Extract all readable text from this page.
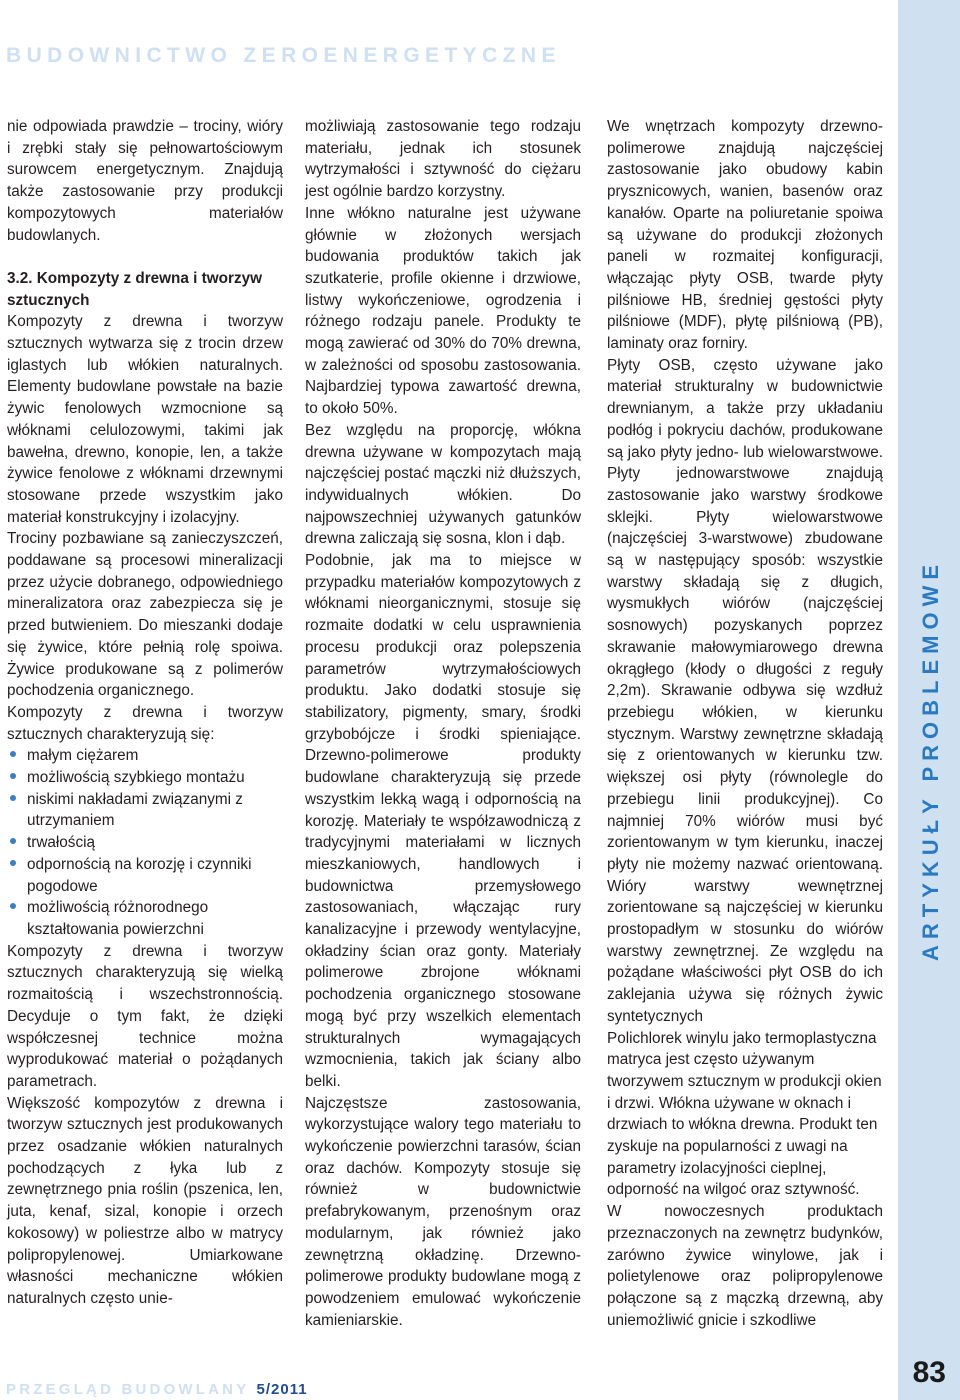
BUDOWNICTWO ZEROENERGETYCZNE

nie odpowiada prawdzie – trociny, wióry i zrębki stały się pełnowartościowym surowcem energetycznym. Znajdują także zastosowanie przy produkcji kompozytowych materiałów budowlanych.

3.2. Kompozyty z drewna i tworzyw sztucznych

Kompozyty z drewna i tworzyw sztucznych wytwarza się z trocin drzew iglastych lub włókien naturalnych. Elementy budowlane powstałe na bazie żywic fenolowych wzmocnione są włóknami celulozowymi, takimi jak bawełna, drewno, konopie, len, a także żywice fenolowe z włóknami drzewnymi stosowane przede wszystkim jako materiał konstrukcyjny i izolacyjny.

Trociny pozbawiane są zanieczyszczeń, poddawane są procesowi mineralizacji przez użycie dobranego, odpowiedniego mineralizatora oraz zabezpiecza się je przed butwieniem. Do mieszanki dodaje się żywice, które pełnią rolę spoiwa. Żywice produkowane są z polimerów pochodzenia organicznego.

Kompozyty z drewna i tworzyw sztucznych charakteryzują się:

małym ciężarem
możliwością szybkiego montażu
niskimi nakładami związanymi z utrzymaniem
trwałością
odpornością na korozję i czynniki pogodowe
możliwością różnorodnego kształtowania powierzchni

Kompozyty z drewna i tworzyw sztucznych charakteryzują się wielką rozmaitością i wszechstronnością. Decyduje o tym fakt, że dzięki współczesnej technice można wyprodukować materiał o pożądanych parametrach.

Większość kompozytów z drewna i tworzyw sztucznych jest produkowanych przez osadzanie włókien naturalnych pochodzących z łyka lub z zewnętrznego pnia roślin (pszenica, len, juta, kenaf, sizal, konopie i orzech kokosowy) w poliestrze albo w matrycy polipropylenowej. Umiarkowane własności mechaniczne włókien naturalnych często unie-

możliwiają zastosowanie tego rodzaju materiału, jednak ich stosunek wytrzymałości i sztywność do ciężaru jest ogólnie bardzo korzystny.

Inne włókno naturalne jest używane głównie w złożonych wersjach budowania produktów takich jak szutkaterie, profile okienne i drzwiowe, listwy wykończeniowe, ogrodzenia i różnego rodzaju panele. Produkty te mogą zawierać od 30% do 70% drewna, w zależności od sposobu zastosowania. Najbardziej typowa zawartość drewna, to około 50%.

Bez względu na proporcję, włókna drewna używane w kompozytach mają najczęściej postać mączki niż dłuższych, indywidualnych włókien. Do najpowszechniej używanych gatunków drewna zaliczają się sosna, klon i dąb.

Podobnie, jak ma to miejsce w przypadku materiałów kompozytowych z włóknami nieorganicznymi, stosuje się rozmaite dodatki w celu usprawnienia procesu produkcji oraz polepszenia parametrów wytrzymałościowych produktu. Jako dodatki stosuje się stabilizatory, pigmenty, smary, środki grzybobójcze i środki spieniające. Drzewno-polimerowe produkty budowlane charakteryzują się przede wszystkim lekką wagą i odpornością na korozję. Materiały te współzawodniczą z tradycyjnymi materiałami w licznych mieszkaniowych, handlowych i budownictwa przemysłowego zastosowaniach, włączając rury kanalizacyjne i przewody wentylacyjne, okładziny ścian oraz gonty. Materiały polimerowe zbrojone włóknami pochodzenia organicznego stosowane mogą być przy wszelkich elementach strukturalnych wymagających wzmocnienia, takich jak ściany albo belki.

Najczęstsze zastosowania, wykorzystujące walory tego materiału to wykończenie powierzchni tarasów, ścian oraz dachów. Kompozyty stosuje się również w budownictwie prefabrykowanym, przenośnym oraz modularnym, jak również jako zewnętrzną okładzinę. Drzewno-polimerowe produkty budowlane mogą z powodzeniem emulować wykończenie kamieniarskie.

We wnętrzach kompozyty drzewno-polimerowe znajdują najczęściej zastosowanie jako obudowy kabin prysznicowych, wanien, basenów oraz kanałów. Oparte na poliuretanie spoiwa są używane do produkcji złożonych paneli w rozmaitej konfiguracji, włączając płyty OSB, twarde płyty pilśniowe HB, średniej gęstości płyty pilśniowe (MDF), płytę pilśniową (PB), laminaty oraz forniry.

Płyty OSB, często używane jako materiał strukturalny w budownictwie drewnianym, a także przy układaniu podłóg i pokryciu dachów, produkowane są jako płyty jedno- lub wielowarstwowe. Płyty jednowarstwowe znajdują zastosowanie jako warstwy środkowe sklejki. Płyty wielowarstwowe (najczęściej 3-warstwowe) zbudowane są w następujący sposób: wszystkie warstwy składają się z długich, wysmukłych wiórów (najczęściej sosnowych) pozyskanych poprzez skrawanie małowymiarowego drewna okrągłego (kłody o długości z reguły 2,2m). Skrawanie odbywa się wzdłuż przebiegu włókien, w kierunku stycznym. Warstwy zewnętrzne składają się z orientowanych w kierunku tzw. większej osi płyty (równolegle do przebiegu linii produkcyjnej). Co najmniej 70% wiórów musi być zorientowanym w tym kierunku, inaczej płyty nie możemy nazwać orientowaną. Wióry warstwy wewnętrznej zorientowane są najczęściej w kierunku prostopadłym w stosunku do wiórów warstwy zewnętrznej. Ze względu na pożądane właściwości płyt OSB do ich zaklejania używa się różnych żywic syntetycznych

Polichlorek winylu jako termoplastyczna matryca jest często używanym tworzywem sztucznym w produkcji okien i drzwi. Włókna używane w oknach i drzwiach to włókna drewna. Produkt ten zyskuje na popularności z uwagi na parametry izolacyjności cieplnej, odporność na wilgoć oraz sztywność.

W nowoczesnych produktach przeznaczonych na zewnętrz budynków, zarówno żywice winylowe, jak i polietylenowe oraz polipropylenowe połączone są z mączką drzewną, aby uniemożliwić gnicie i szkodliwe

ARTYKUŁY PROBLEMOWE
83
PRZEGLĄD BUDOWLANY 5/2011
